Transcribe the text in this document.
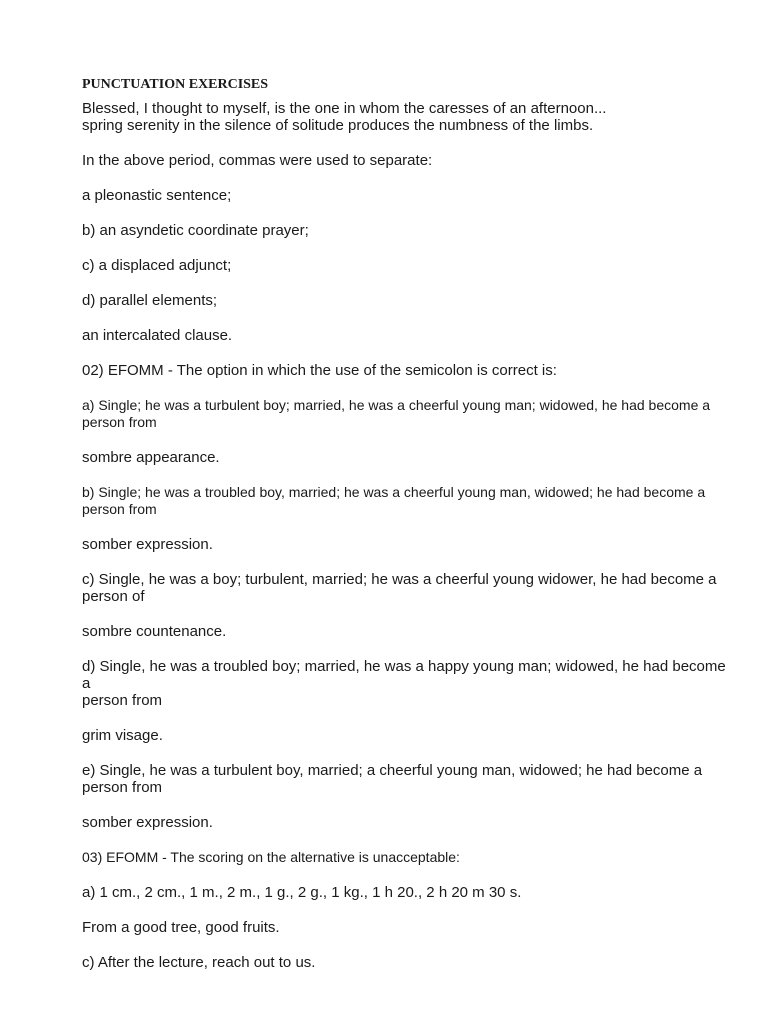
PUNCTUATION EXERCISES

Blessed, I thought to myself, is the one in whom the caresses of an afternoon...
spring serenity in the silence of solitude produces the numbness of the limbs.

In the above period, commas were used to separate:

a pleonastic sentence;

b) an asyndetic coordinate prayer;

c) a displaced adjunct;

d) parallel elements;

an intercalated clause.

02) EFOMM - The option in which the use of the semicolon is correct is:

a) Single; he was a turbulent boy; married, he was a cheerful young man; widowed, he had become a
person from

sombre appearance.

b) Single; he was a troubled boy, married; he was a cheerful young man, widowed; he had become a
person from

somber expression.

c) Single, he was a boy; turbulent, married; he was a cheerful young widower, he had become a
person of

sombre countenance.

d) Single, he was a troubled boy; married, he was a happy young man; widowed, he had become a
person from

grim visage.

e) Single, he was a turbulent boy, married; a cheerful young man, widowed; he had become a
person from

somber expression.

03) EFOMM - The scoring on the alternative is unacceptable:

a) 1 cm., 2 cm., 1 m., 2 m., 1 g., 2 g., 1 kg., 1 h 20., 2 h 20 m 30 s.

From a good tree, good fruits.

c) After the lecture, reach out to us.
